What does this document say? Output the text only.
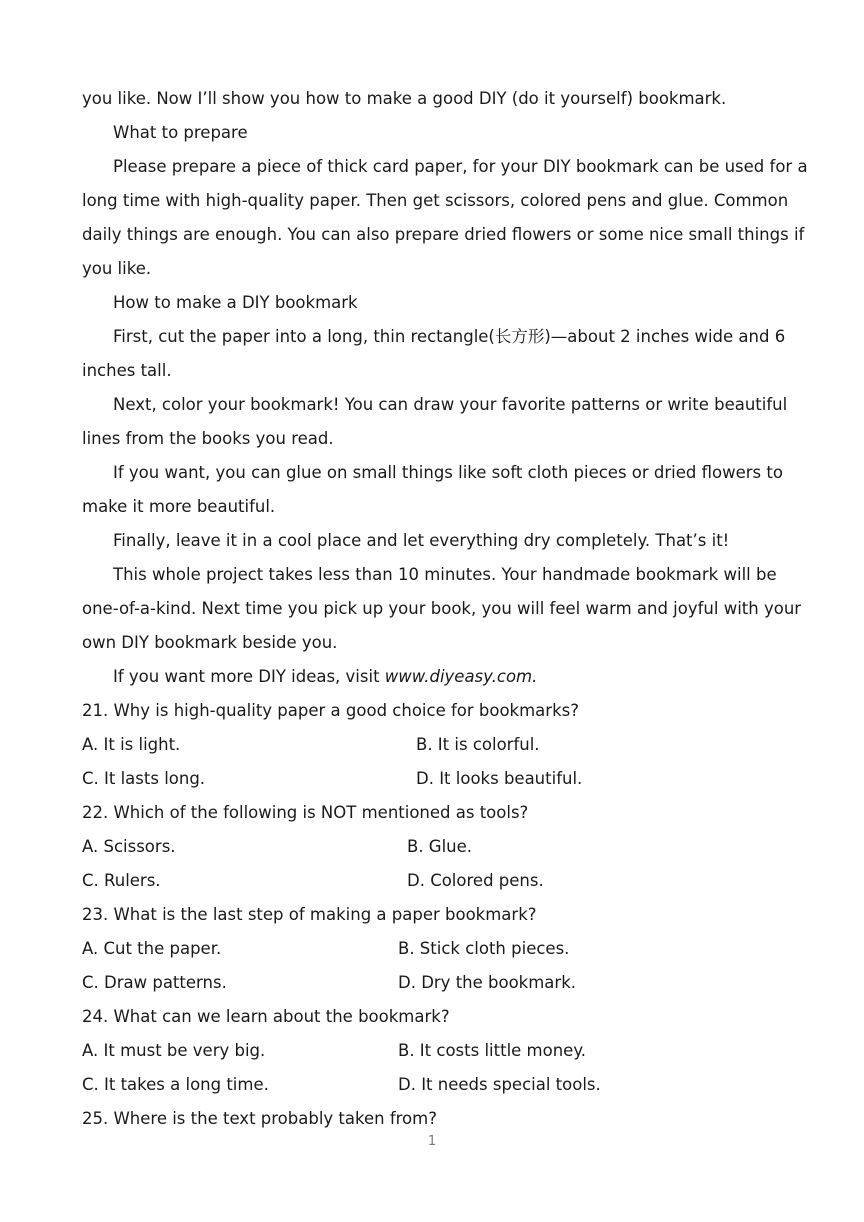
you like. Now I’ll show you how to make a good DIY (do it yourself) bookmark.
What to prepare
Please prepare a piece of thick card paper, for your DIY bookmark can be used for a
long time with high-quality paper. Then get scissors, colored pens and glue. Common
daily things are enough. You can also prepare dried flowers or some nice small things if
you like.
How to make a DIY bookmark
First, cut the paper into a long, thin rectangle(长方形)—about 2 inches wide and 6
inches tall.
Next, color your bookmark! You can draw your favorite patterns or write beautiful
lines from the books you read.
If you want, you can glue on small things like soft cloth pieces or dried flowers to
make it more beautiful.
Finally, leave it in a cool place and let everything dry completely. That’s it!
This whole project takes less than 10 minutes. Your handmade bookmark will be
one-of-a-kind. Next time you pick up your book, you will feel warm and joyful with your
own DIY bookmark beside you.
If you want more DIY ideas, visit www.diyeasy.com.
21. Why is high-quality paper a good choice for bookmarks?
A. It is light.	B. It is colorful.
C. It lasts long.	D. It looks beautiful.
22. Which of the following is NOT mentioned as tools?
A. Scissors.	B. Glue.
C. Rulers.	D. Colored pens.
23. What is the last step of making a paper bookmark?
A. Cut the paper.	B. Stick cloth pieces.
C. Draw patterns.	D. Dry the bookmark.
24. What can we learn about the bookmark?
A. It must be very big.	B. It costs little money.
C. It takes a long time.	D. It needs special tools.
25. Where is the text probably taken from?
1
